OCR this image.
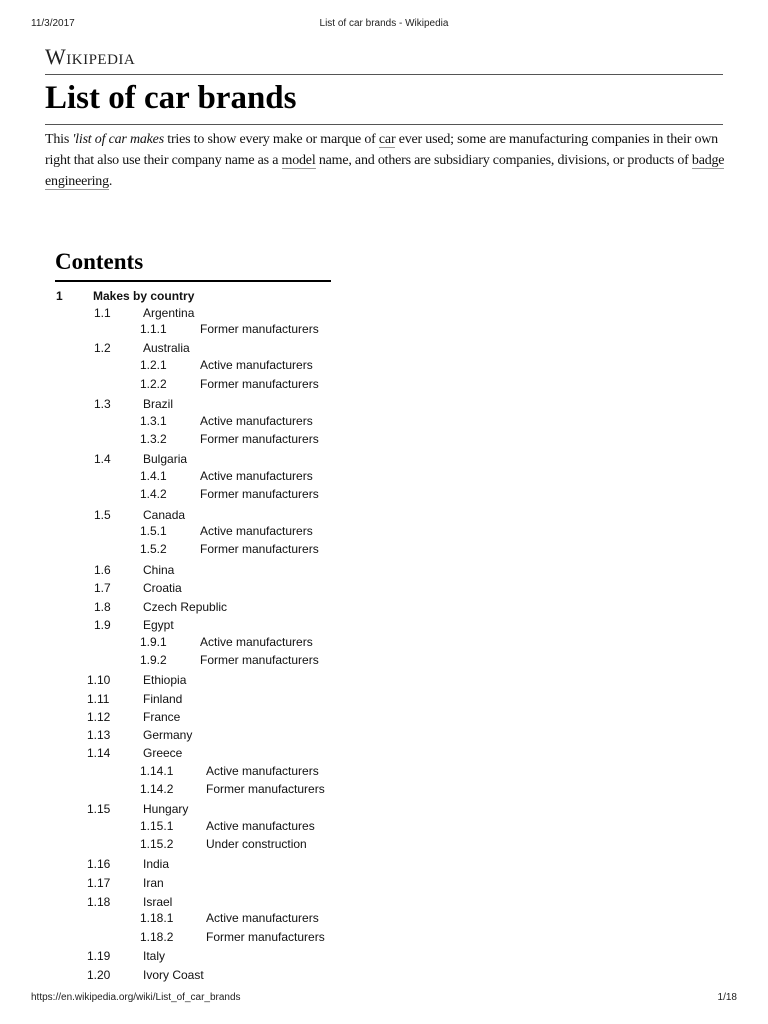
11/3/2017	List of car brands - Wikipedia
Wikipedia
List of car brands

This 'list of car makes tries to show every make or marque of car ever used; some are manufacturing companies in their own right that also use their company name as a model name, and others are subsidiary companies, divisions, or products of badge engineering.

Contents
1	Makes by country
1.1	Argentina
1.1.1	Former manufacturers
1.2	Australia
1.2.1	Active manufacturers
1.2.2	Former manufacturers
1.3	Brazil
1.3.1	Active manufacturers
1.3.2	Former manufacturers
1.4	Bulgaria
1.4.1	Active manufacturers
1.4.2	Former manufacturers
1.5	Canada
1.5.1	Active manufacturers
1.5.2	Former manufacturers
1.6	China
1.7	Croatia
1.8	Czech Republic
1.9	Egypt
1.9.1	Active manufacturers
1.9.2	Former manufacturers
1.10	Ethiopia
1.11	Finland
1.12	France
1.13	Germany
1.14	Greece
1.14.1	Active manufacturers
1.14.2	Former manufacturers
1.15	Hungary
1.15.1	Active manufactures
1.15.2	Under construction
1.16	India
1.17	Iran
1.18	Israel
1.18.1	Active manufacturers
1.18.2	Former manufacturers
1.19	Italy
1.20	Ivory Coast
https://en.wikipedia.org/wiki/List_of_car_brands	1/18
